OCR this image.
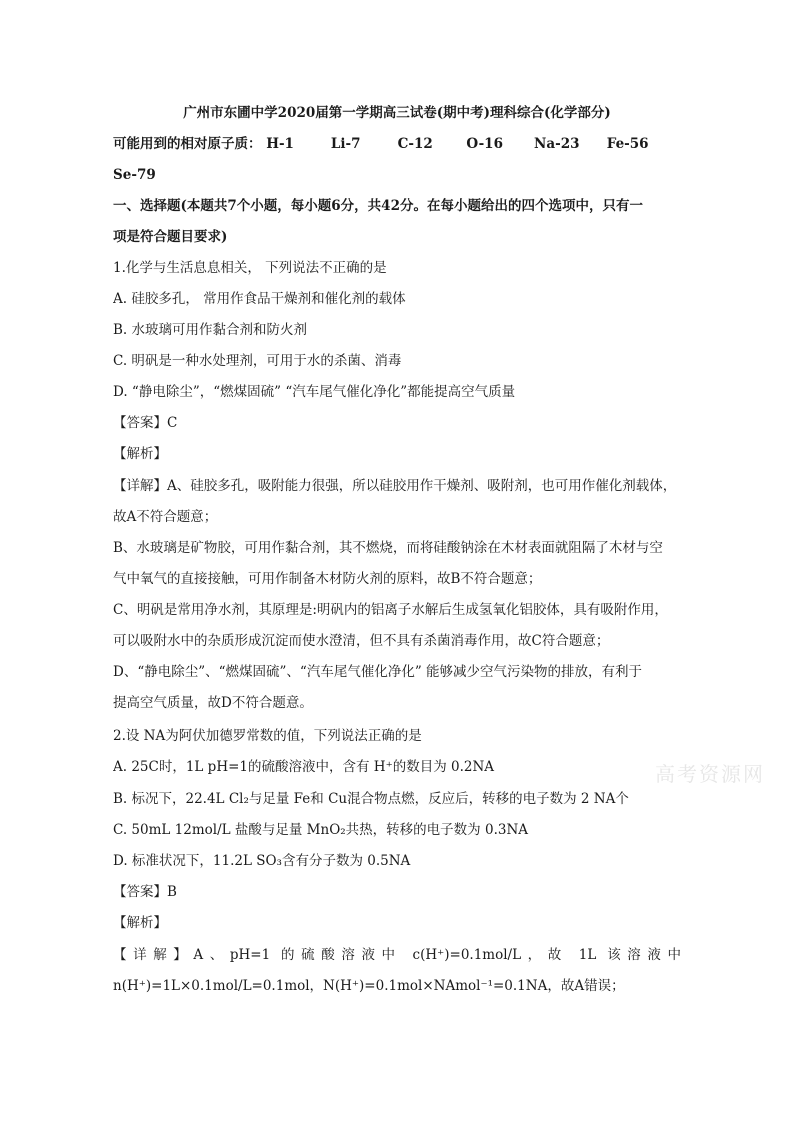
广州市东圃中学2020届第一学期高三试卷(期中考)理科综合(化学部分)
可能用到的相对原子质： H-1	Li-7	C-12 O-16 Na-23 Fe-56
Se-79
一、选择题(本题共7个小题，每小题6分，共42分。在每小题给出的四个选项中，只有一
项是符合题目要求)
1.化学与生活息息相关， 下列说法不正确的是
A. 硅胶多孔， 常用作食品干燥剂和催化剂的载体
B. 水玻璃可用作黏合剂和防火剂
C. 明矾是一种水处理剂，可用于水的杀菌、消毒
D. “静电除尘”，“燃煤固硫” “汽车尾气催化净化”都能提高空气质量
【答案】C
【解析】
【详解】A、硅胶多孔，吸附能力很强，所以硅胶用作干燥剂、吸附剂，也可用作催化剂载体，
故A不符合题意；
B、水玻璃是矿物胶，可用作黏合剂，其不燃烧，而将硅酸钠涂在木材表面就阻隔了木材与空
气中氧气的直接接触，可用作制备木材防火剂的原料，故B不符合题意；
C、明矾是常用净水剂，其原理是:明矾内的铝离子水解后生成氢氧化铝胶体，具有吸附作用，
可以吸附水中的杂质形成沉淀而使水澄清，但不具有杀菌消毒作用，故C符合题意；
D、“静电除尘”、“燃煤固硫”、“汽车尾气催化净化” 能够减少空气污染物的排放，有利于
提高空气质量，故D不符合题意。
2.设 NA为阿伏加德罗常数的值，下列说法正确的是
A. 25C时，1L pH=1的硫酸溶液中，含有 H⁺的数目为 0.2NA
B. 标况下，22.4L Cl₂与足量 Fe和 Cu混合物点燃，反应后，转移的电子数为 2 NA个
C. 50mL 12mol/L 盐酸与足量 MnO₂共热，转移的电子数为 0.3NA
D. 标准状况下，11.2L SO₃含有分子数为 0.5NA
【答案】B
【解析】
【详解】A、pH=1 的硫酸溶液中 c(H⁺)=0.1mol/L，故 1L 该溶液中
n(H⁺)=1L×0.1mol/L=0.1mol，N(H⁺)=0.1mol×NAmol⁻¹=0.1NA，故A错误；
高考资源网
